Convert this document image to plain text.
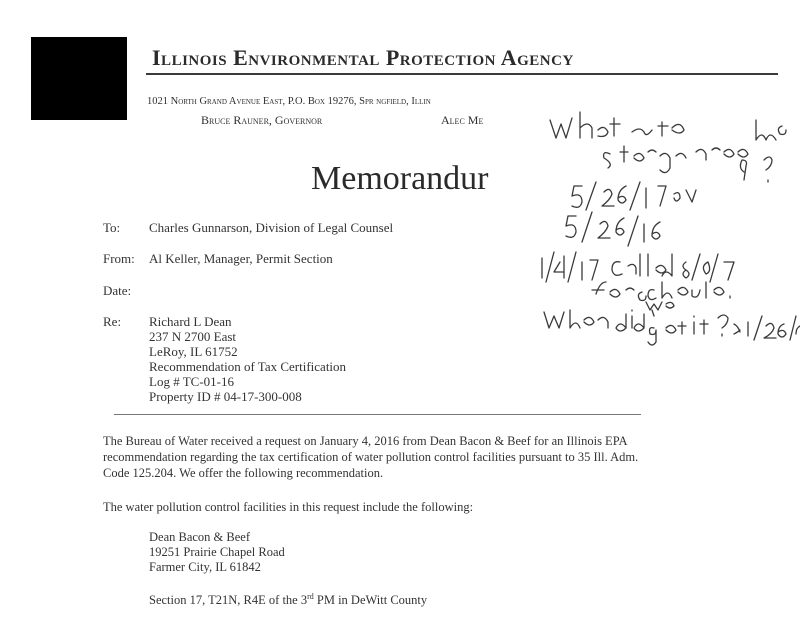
Illinois Environmental Protection Agency
1021 North Grand Avenue East, P.O. Box 19276, Spr ngfield, Illin
Bruce Rauner, Governor	Alec Me
Memorandur
To: Charles Gunnarson, Division of Legal Counsel
From: Al Keller, Manager, Permit Section
Date:
Re: Richard L Dean
237 N 2700 East
LeRoy, IL 61752
Recommendation of Tax Certification
Log # TC-01-16
Property ID # 04-17-300-008
The Bureau of Water received a request on January 4, 2016 from Dean Bacon & Beef for an Illinois EPA
recommendation regarding the tax certification of water pollution control facilities pursuant to 35 Ill. Adm.
Code 125.204. We offer the following recommendation.
The water pollution control facilities in this request include the following:
Dean Bacon & Beef
19251 Prairie Chapel Road
Farmer City, IL 61842
Section 17, T21N, R4E of the 3rd PM in DeWitt County
